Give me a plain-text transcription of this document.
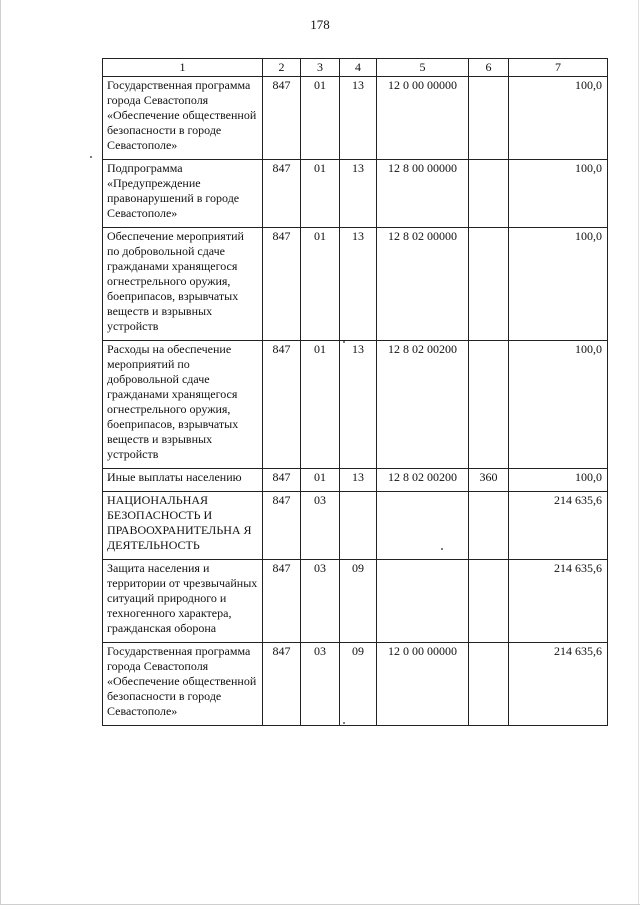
178
1	2	3	4	5	6	7
Государственная программа города Севастополя «Обеспечение общественной безопасности в городе Севастополе»	847	01	13	12 0 00 00000		100,0
Подпрограмма «Предупреждение правонарушений в городе Севастополе»	847	01	13	12 8 00 00000		100,0
Обеспечение мероприятий по добровольной сдаче гражданами хранящегося огнестрельного оружия, боеприпасов, взрывчатых веществ и взрывных устройств	847	01	13	12 8 02 00000		100,0
Расходы на обеспечение мероприятий по добровольной сдаче гражданами хранящегося огнестрельного оружия, боеприпасов, взрывчатых веществ и взрывных устройств	847	01	13	12 8 02 00200		100,0
Иные выплаты населению	847	01	13	12 8 02 00200	360	100,0
НАЦИОНАЛЬНАЯ БЕЗОПАСНОСТЬ И ПРАВООХРАНИТЕЛЬНА Я ДЕЯТЕЛЬНОСТЬ	847	03				214 635,6
Защита населения и территории от чрезвычайных ситуаций природного и техногенного характера, гражданская оборона	847	03	09			214 635,6
Государственная программа города Севастополя «Обеспечение общественной безопасности в городе Севастополе»	847	03	09	12 0 00 00000		214 635,6
